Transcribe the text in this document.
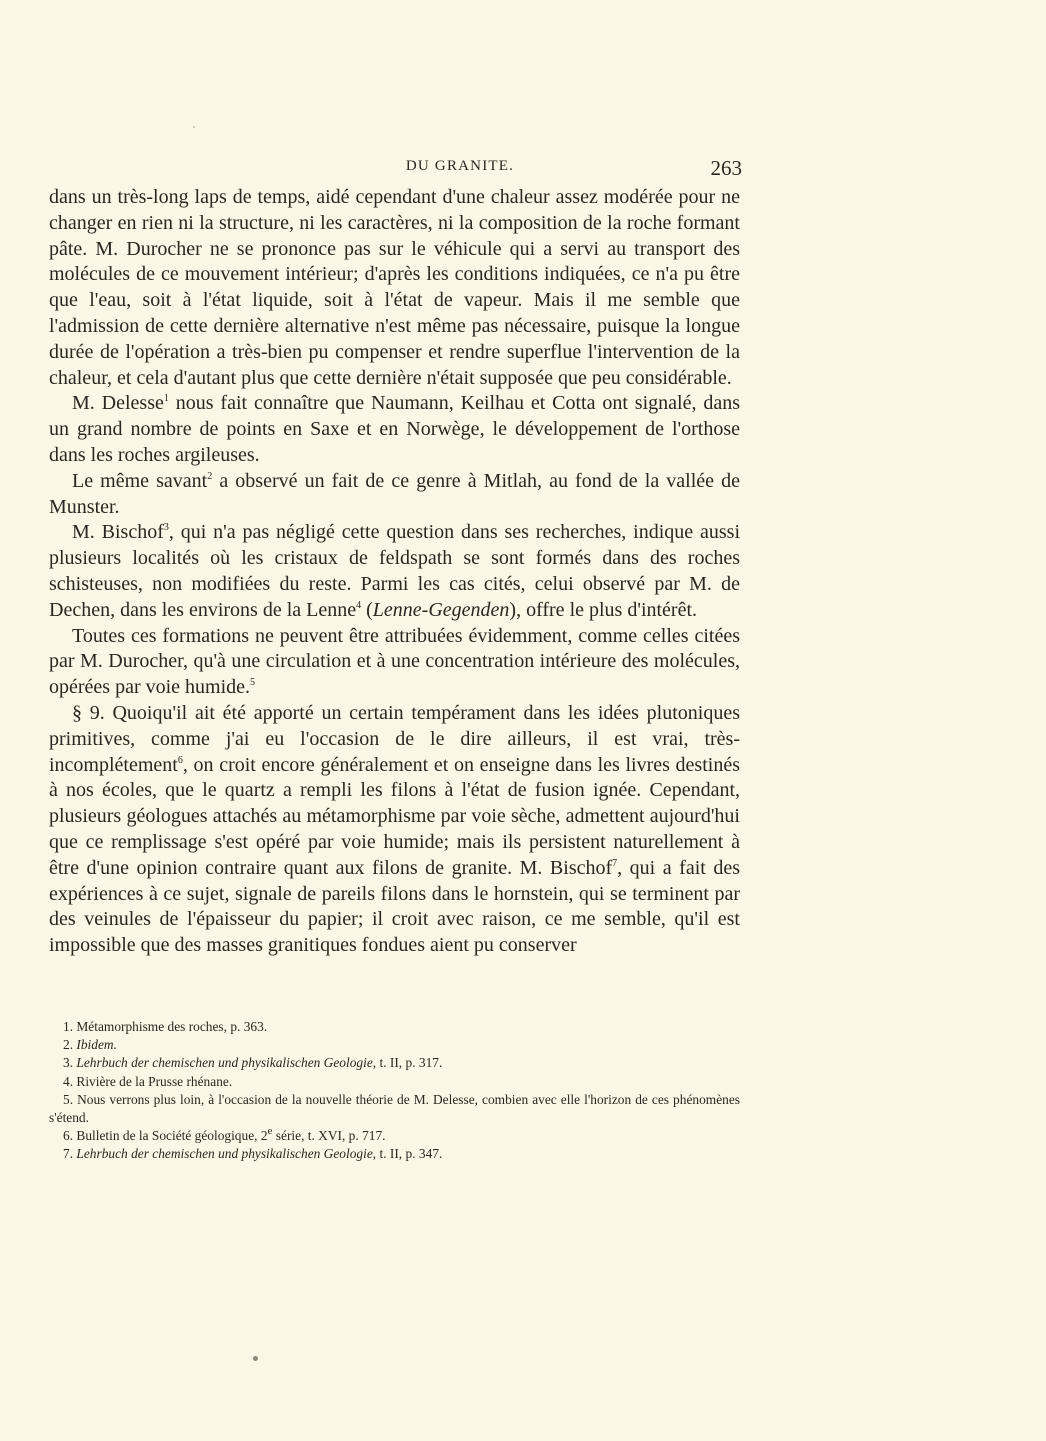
DU GRANITE.	263

dans un très-long laps de temps, aidé cependant d'une chaleur assez modérée pour ne changer en rien ni la structure, ni les caractères, ni la composition de la roche formant pâte. M. Durocher ne se prononce pas sur le véhicule qui a servi au transport des molécules de ce mouvement intérieur; d'après les conditions indiquées, ce n'a pu être que l'eau, soit à l'état liquide, soit à l'état de vapeur. Mais il me semble que l'admission de cette dernière alternative n'est même pas nécessaire, puisque la longue durée de l'opération a très-bien pu compenser et rendre superflue l'intervention de la chaleur, et cela d'autant plus que cette dernière n'était supposée que peu considérable.

M. Delesse$^1$ nous fait connaître que Naumann, Keilhau et Cotta ont signalé, dans un grand nombre de points en Saxe et en Norwège, le développement de l'orthose dans les roches argileuses.

Le même savant$^2$ a observé un fait de ce genre à Mitlah, au fond de la vallée de Munster.

M. Bischof$^3$, qui n'a pas négligé cette question dans ses recherches, indique aussi plusieurs localités où les cristaux de feldspath se sont formés dans des roches schisteuses, non modifiées du reste. Parmi les cas cités, celui observé par M. de Dechen, dans les environs de la Lenne$^4$ (Lenne-Gegenden), offre le plus d'intérêt.

Toutes ces formations ne peuvent être attribuées évidemment, comme celles citées par M. Durocher, qu'à une circulation et à une concentration intérieure des molécules, opérées par voie humide.$^5$

§ 9. Quoiqu'il ait été apporté un certain tempérament dans les idées plutoniques primitives, comme j'ai eu l'occasion de le dire ailleurs, il est vrai, très-incomplétement$^6$, on croit encore généralement et on enseigne dans les livres destinés à nos écoles, que le quartz a rempli les filons à l'état de fusion ignée. Cependant, plusieurs géologues attachés au métamorphisme par voie sèche, admettent aujourd'hui que ce remplissage s'est opéré par voie humide; mais ils persistent naturellement à être d'une opinion contraire quant aux filons de granite. M. Bischof$^7$, qui a fait des expériences à ce sujet, signale de pareils filons dans le hornstein, qui se terminent par des veinules de l'épaisseur du papier; il croit avec raison, ce me semble, qu'il est impossible que des masses granitiques fondues aient pu conserver

1. Métamorphisme des roches, p. 363.

2. Ibidem.

3. Lehrbuch der chemischen und physikalischen Geologie, t. II, p. 317.

4. Rivière de la Prusse rhénane.

5. Nous verrons plus loin, à l'occasion de la nouvelle théorie de M. Delesse, combien avec elle l'horizon de ces phénomènes s'étend.

6. Bulletin de la Société géologique, 2e série, t. XVI, p. 717.

7. Lehrbuch der chemischen und physikalischen Geologie, t. II, p. 347.
